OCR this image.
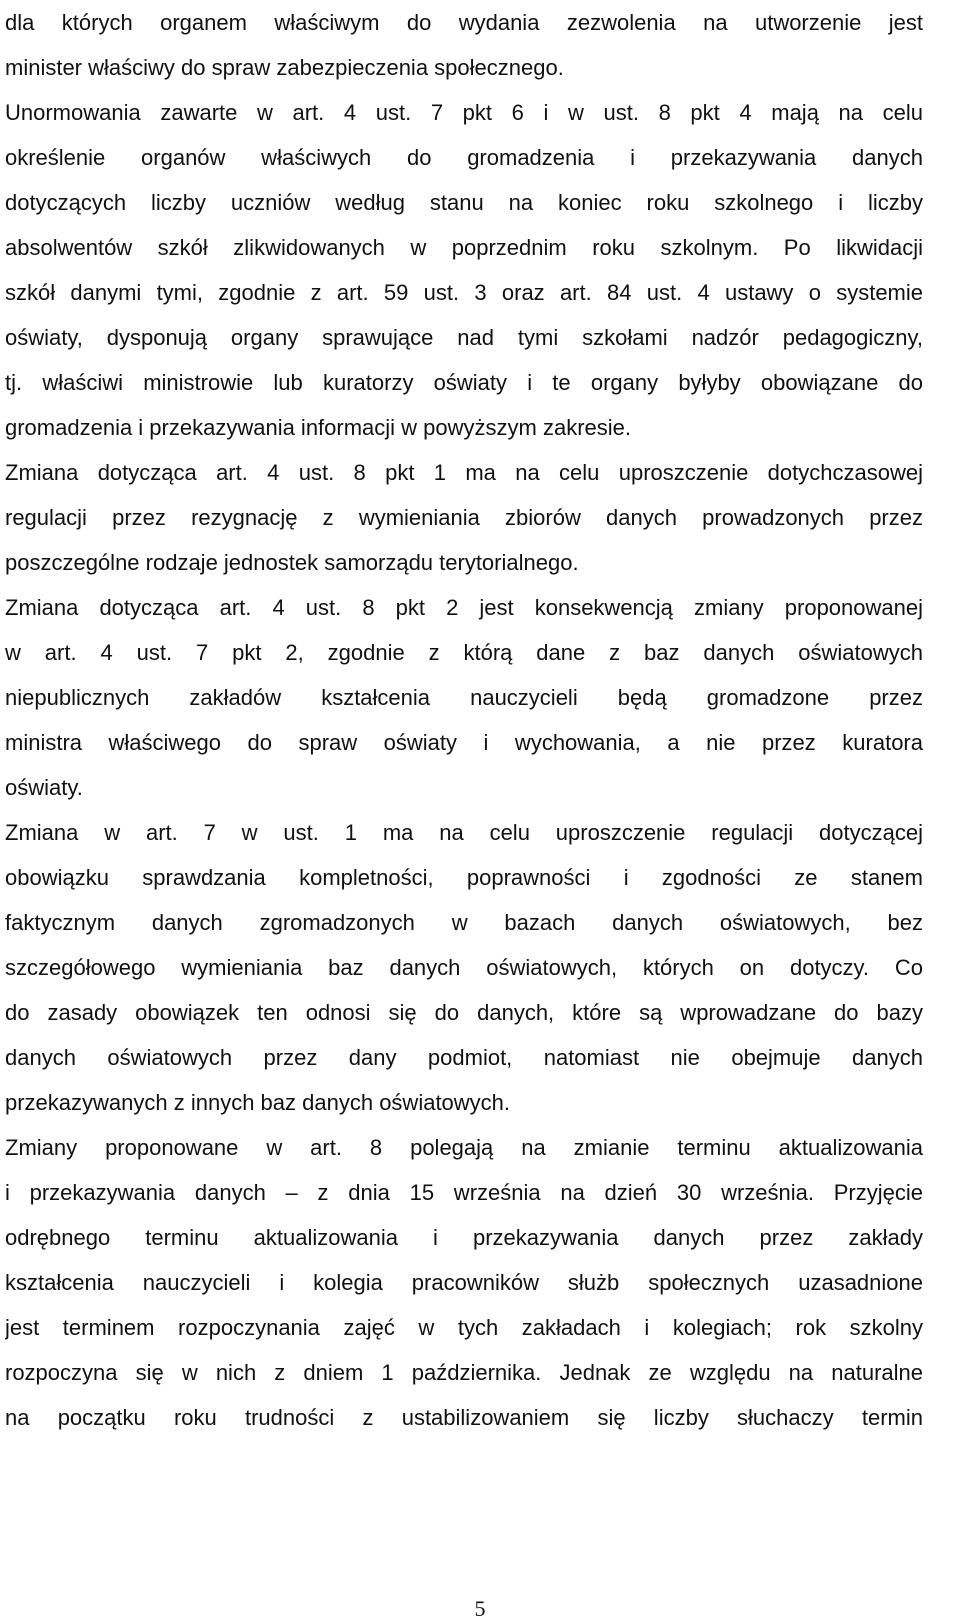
dla których organem właściwym do wydania zezwolenia na utworzenie jest
minister właściwy do spraw zabezpieczenia społecznego.
Unormowania zawarte w art. 4 ust. 7 pkt 6 i w ust. 8 pkt 4 mają na celu
określenie organów właściwych do gromadzenia i przekazywania danych
dotyczących liczby uczniów według stanu na koniec roku szkolnego i liczby
absolwentów szkół zlikwidowanych w poprzednim roku szkolnym. Po likwidacji
szkół danymi tymi, zgodnie z art. 59 ust. 3 oraz art. 84 ust. 4 ustawy o systemie
oświaty, dysponują organy sprawujące nad tymi szkołami nadzór pedagogiczny,
tj. właściwi ministrowie lub kuratorzy oświaty i te organy byłyby obowiązane do
gromadzenia i przekazywania informacji w powyższym zakresie.
Zmiana dotycząca art. 4 ust. 8 pkt 1 ma na celu uproszczenie dotychczasowej
regulacji przez rezygnację z wymieniania zbiorów danych prowadzonych przez
poszczególne rodzaje jednostek samorządu terytorialnego.
Zmiana dotycząca art. 4 ust. 8 pkt 2 jest konsekwencją zmiany proponowanej
w art. 4 ust. 7 pkt 2, zgodnie z którą dane z baz danych oświatowych
niepublicznych zakładów kształcenia nauczycieli będą gromadzone przez
ministra właściwego do spraw oświaty i wychowania, a nie przez kuratora
oświaty.
Zmiana w art. 7 w ust. 1 ma na celu uproszczenie regulacji dotyczącej
obowiązku sprawdzania kompletności, poprawności i zgodności ze stanem
faktycznym danych zgromadzonych w bazach danych oświatowych, bez
szczegółowego wymieniania baz danych oświatowych, których on dotyczy. Co
do zasady obowiązek ten odnosi się do danych, które są wprowadzane do bazy
danych oświatowych przez dany podmiot, natomiast nie obejmuje danych
przekazywanych z innych baz danych oświatowych.
Zmiany proponowane w art. 8 polegają na zmianie terminu aktualizowania
i przekazywania danych – z dnia 15 września na dzień 30 września. Przyjęcie
odrębnego terminu aktualizowania i przekazywania danych przez zakłady
kształcenia nauczycieli i kolegia pracowników służb społecznych uzasadnione
jest terminem rozpoczynania zajęć w tych zakładach i kolegiach; rok szkolny
rozpoczyna się w nich z dniem 1 października. Jednak ze względu na naturalne
na początku roku trudności z ustabilizowaniem się liczby słuchaczy termin
5
